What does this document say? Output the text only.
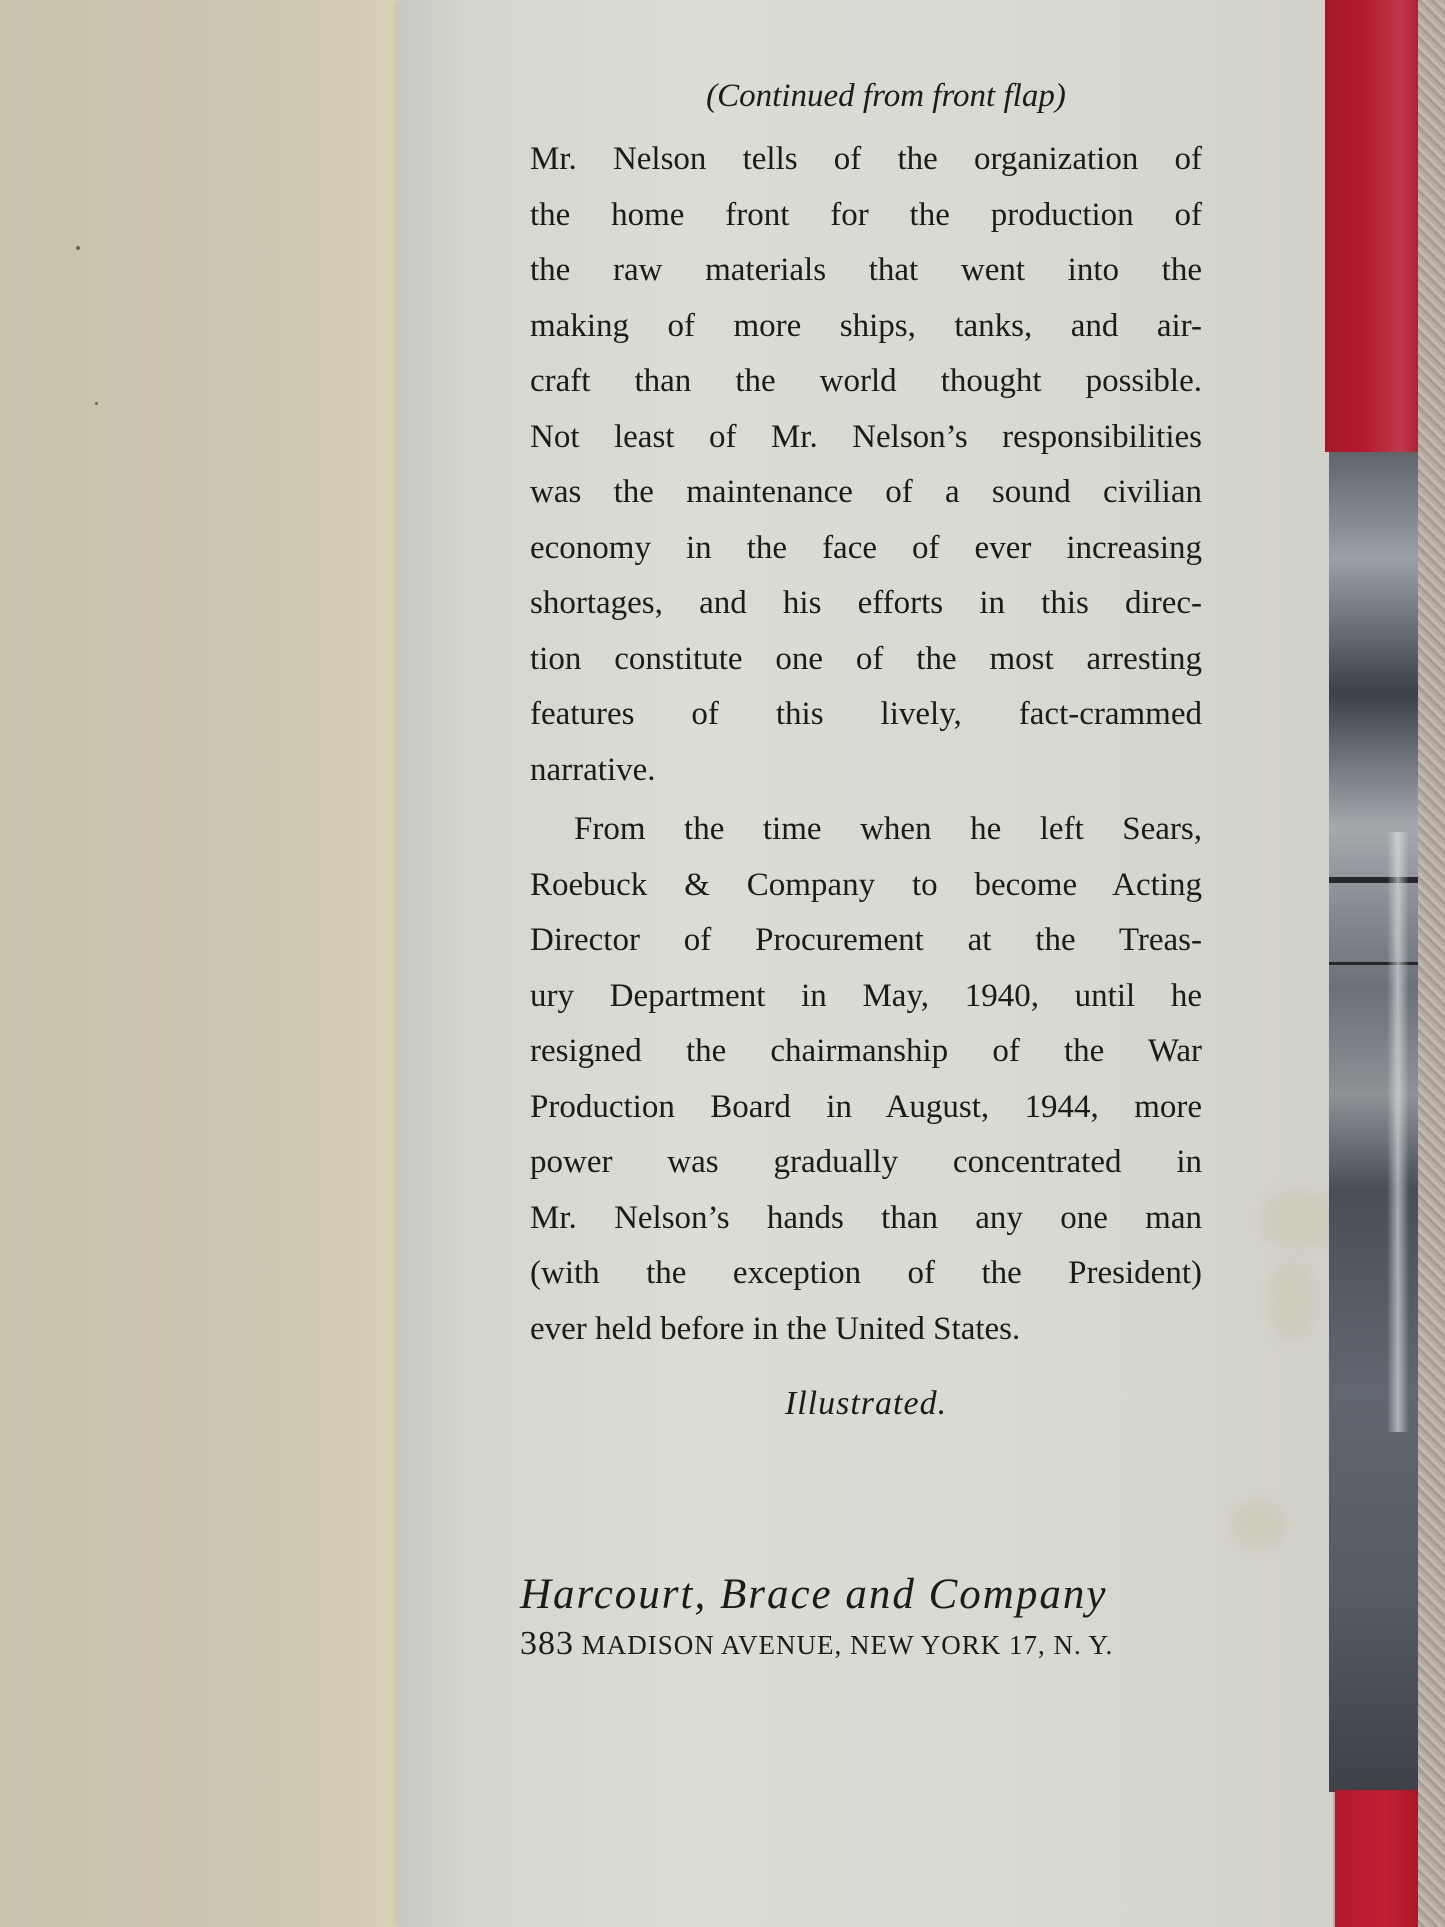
(Continued from front flap)

Mr. Nelson tells of the organization of
the home front for the production of
the raw materials that went into the
making of more ships, tanks, and air-
craft than the world thought possible.
Not least of Mr. Nelson’s responsibilities
was the maintenance of a sound civilian
economy in the face of ever increasing
shortages, and his efforts in this direc-
tion constitute one of the most arresting
features of this lively, fact-crammed
narrative.

From the time when he left Sears,
Roebuck & Company to become Acting
Director of Procurement at the Treas-
ury Department in May, 1940, until he
resigned the chairmanship of the War
Production Board in August, 1944, more
power was gradually concentrated in
Mr. Nelson’s hands than any one man
(with the exception of the President)
ever held before in the United States.

Illustrated.
Harcourt, Brace and Company
383 MADISON AVENUE, NEW YORK 17, N. Y.
